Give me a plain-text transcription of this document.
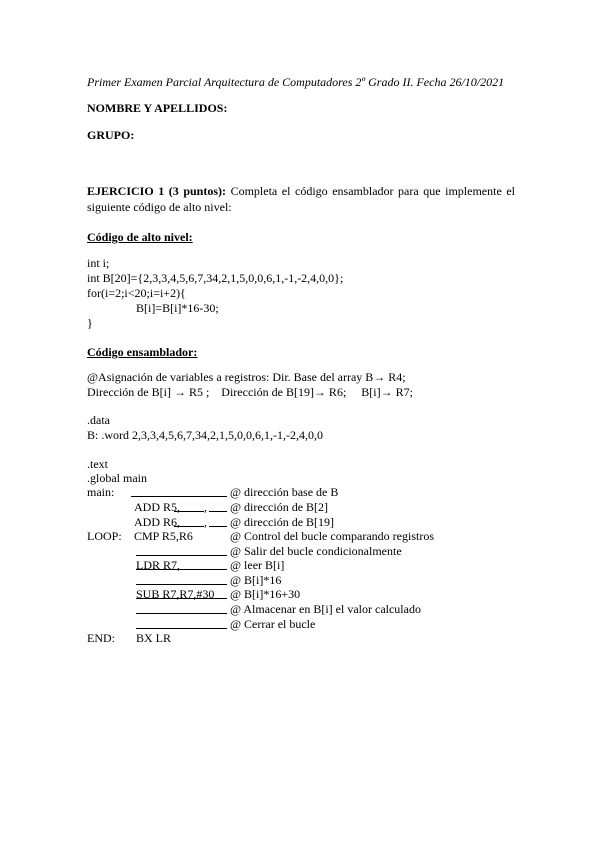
Primer Examen Parcial Arquitectura de Computadores 2º Grado II. Fecha 26/10/2021
NOMBRE Y APELLIDOS:
GRUPO:
EJERCICIO 1 (3 puntos): Completa el código ensamblador para que implemente el
siguiente código de alto nivel:
Código de alto nivel:
int i;
int B[20]={2,3,3,4,5,6,7,34,2,1,5,0,0,6,1,-1,-2,4,0,0};
for(i=2;i<20;i=i+2){
B[i]=B[i]*16-30;
}
Código ensamblador:
@Asignación de variables a registros: Dir. Base del array B→ R4;
Dirección de B[i] → R5 ;    Dirección de B[19]→ R6;     B[i]→ R7;
.data
B: .word 2,3,3,4,5,6,7,34,2,1,5,0,0,6,1,-1,-2,4,0,0
.text
.global main
main:	@ dirección base de B
ADD R5, , @ dirección de B[2]
ADD R6, , @ dirección de B[19]
LOOP: CMP R5,R6	@ Control del bucle comparando registros
@ Salir del bucle condicionalmente
LDR R7,	@ leer B[i]
@ B[i]*16
SUB R7,R7,#30 @ B[i]*16+30
@ Almacenar en B[i] el valor calculado
@ Cerrar el bucle
END: BX LR
